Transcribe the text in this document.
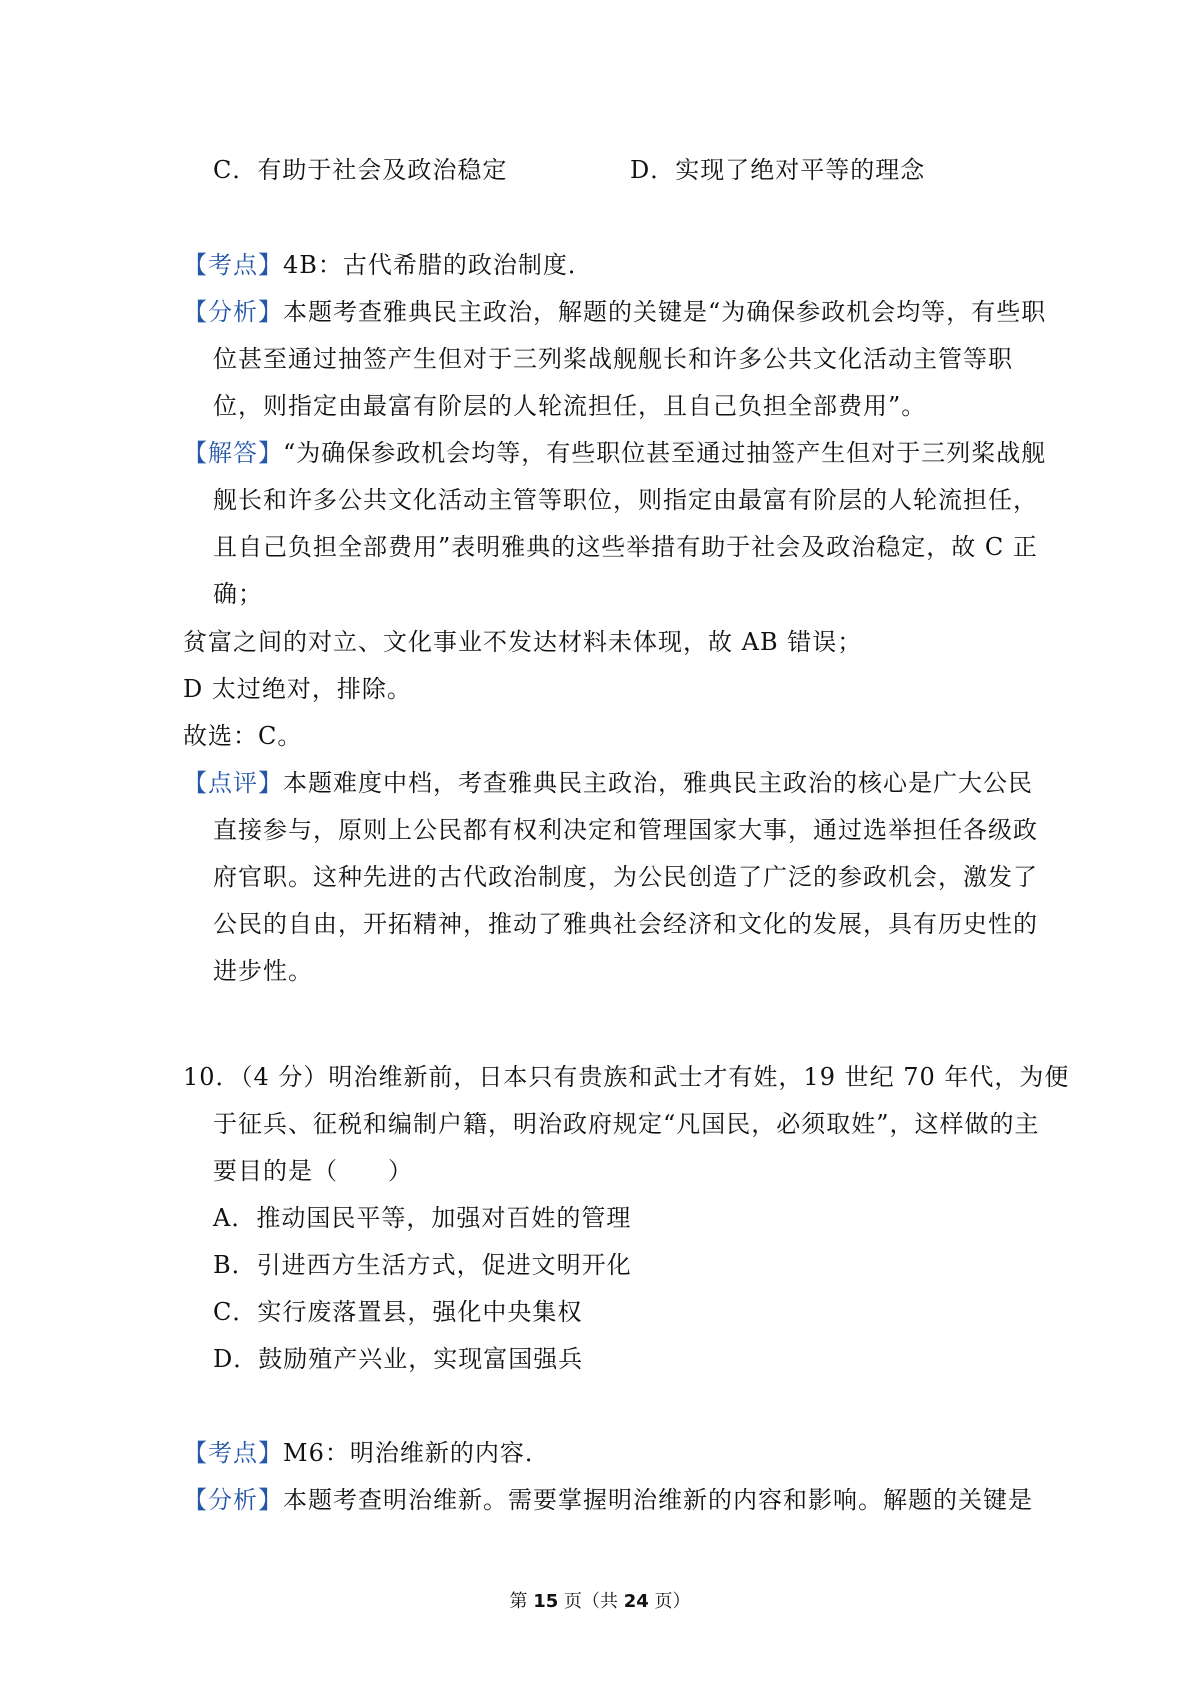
C．有助于社会及政治稳定	D．实现了绝对平等的理念
【考点】4B：古代希腊的政治制度．
【分析】本题考查雅典民主政治，解题的关键是“为确保参政机会均等，有些职
位甚至通过抽签产生但对于三列桨战舰舰长和许多公共文化活动主管等职
位，则指定由最富有阶层的人轮流担任，且自己负担全部费用”。
【解答】“为确保参政机会均等，有些职位甚至通过抽签产生但对于三列桨战舰
舰长和许多公共文化活动主管等职位，则指定由最富有阶层的人轮流担任，
且自己负担全部费用”表明雅典的这些举措有助于社会及政治稳定，故 C 正
确；
贫富之间的对立、文化事业不发达材料未体现，故 AB 错误；
D 太过绝对，排除。
故选：C。
【点评】本题难度中档，考查雅典民主政治，雅典民主政治的核心是广大公民
直接参与，原则上公民都有权利决定和管理国家大事，通过选举担任各级政
府官职。这种先进的古代政治制度，为公民创造了广泛的参政机会，激发了
公民的自由，开拓精神，推动了雅典社会经济和文化的发展，具有历史性的
进步性。
10．（4 分）明治维新前，日本只有贵族和武士才有姓，19 世纪 70 年代，为便
于征兵、征税和编制户籍，明治政府规定“凡国民，必须取姓”，这样做的主
要目的是（　　）
A．推动国民平等，加强对百姓的管理
B．引进西方生活方式，促进文明开化
C．实行废落置县，强化中央集权
D．鼓励殖产兴业，实现富国强兵
【考点】M6：明治维新的内容．
【分析】本题考查明治维新。需要掌握明治维新的内容和影响。解题的关键是
第 15 页（共 24 页）
